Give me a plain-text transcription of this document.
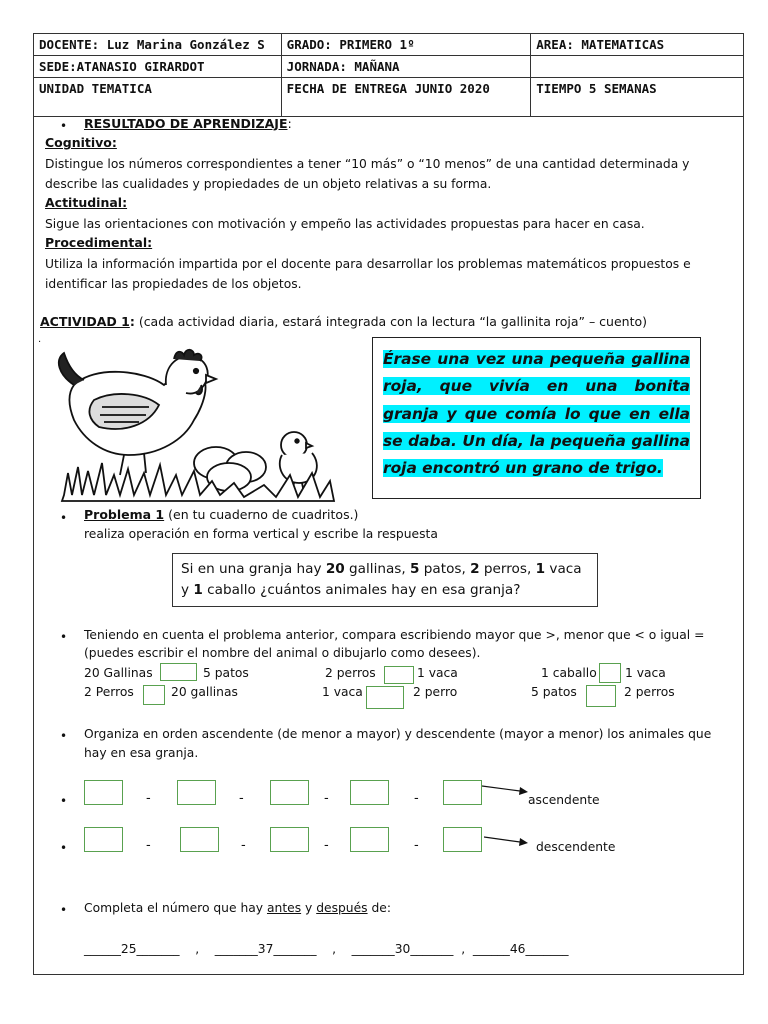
DOCENTE: Luz Marina González S	GRADO: PRIMERO 1º	AREA: MATEMATICAS
SEDE:ATANASIO GIRARDOT	JORNADA: MAÑANA	
UNIDAD TEMATICA	FECHA DE ENTREGA JUNIO 2020	TIEMPO 5 SEMANAS
• RESULTADO DE APRENDIZAJE:
Cognitivo:
Distingue los números correspondientes a tener “10 más” o “10 menos” de una cantidad determinada y
describe las cualidades y propiedades de un objeto relativas a su forma.
Actitudinal:
Sigue las orientaciones con motivación y empeño las actividades propuestas para hacer en casa.
Procedimental:
Utiliza la información impartida por el docente para desarrollar los problemas matemáticos propuestos e
identificar las propiedades de los objetos.
ACTIVIDAD 1: (cada actividad diaria, estará integrada con la lectura “la gallinita roja” – cuento)
.

Érase una vez una pequeña gallina roja, que vivía en una bonita granja y que comía lo que en ella se daba. Un día, la pequeña gallina roja encontró un grano de trigo.

• Problema 1 (en tu cuaderno de cuadritos.)
realiza operación en forma vertical y escribe la respuesta
Si en una granja hay 20 gallinas, 5 patos, 2 perros, 1 vaca
y 1 caballo ¿cuántos animales hay en esa granja?
• Teniendo en cuenta el problema anterior, compara escribiendo mayor que >, menor que < o igual =
(puedes escribir el nombre del animal o dibujarlo como desees).
20 Gallinas	5 patos	2 perros	1 vaca	1 caballo 1 vaca
2 Perros	20 gallinas	1 vaca	2 perro	5 patos	2 perros
• Organiza en orden ascendente (de menor a mayor) y descendente (mayor a menor) los animales que
hay en esa granja.
•	-	-	-	-	ascendente
•	-	-	-	-	descendente
• Completa el número que hay antes y después de:
______25_______    ,    _______37_______    ,    _______30_______  ,  ______46_______
